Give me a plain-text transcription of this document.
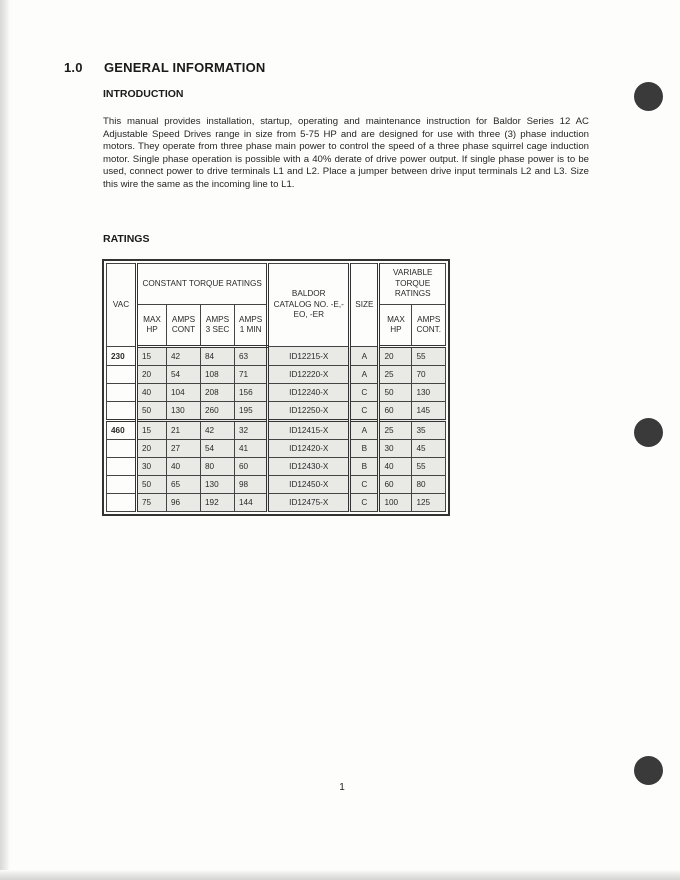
1.0 GENERAL INFORMATION
INTRODUCTION
This manual provides installation, startup, operating and maintenance instruction for Baldor Series 12 AC Adjustable Speed Drives range in size from 5-75 HP and are designed for use with three (3) phase induction motors. They operate from three phase main power to control the speed of a three phase squirrel cage induction motor. Single phase operation is possible with a 40% derate of drive power output. If single phase power is to be used, connect power to drive terminals L1 and L2. Place a jumper between drive input terminals L2 and L3. Size this wire the same as the incoming line to L1.
RATINGS
VAC	CONSTANT TORQUE RATINGS				BALDOR CATALOG NO. -E,-EO, -ER	SIZE	VARIABLE TORQUE RATINGS	
	MAX HP	AMPS CONT	AMPS 3 SEC	AMPS 1 MIN			MAX HP	AMPS CONT.
230	15	42	84	63	ID12215-X	A	20	55
	20	54	108	71	ID12220-X	A	25	70
	40	104	208	156	ID12240-X	C	50	130
	50	130	260	195	ID12250-X	C	60	145
460	15	21	42	32	ID12415-X	A	25	35
	20	27	54	41	ID12420-X	B	30	45
	30	40	80	60	ID12430-X	B	40	55
	50	65	130	98	ID12450-X	C	60	80
	75	96	192	144	ID12475-X	C	100	125
1
